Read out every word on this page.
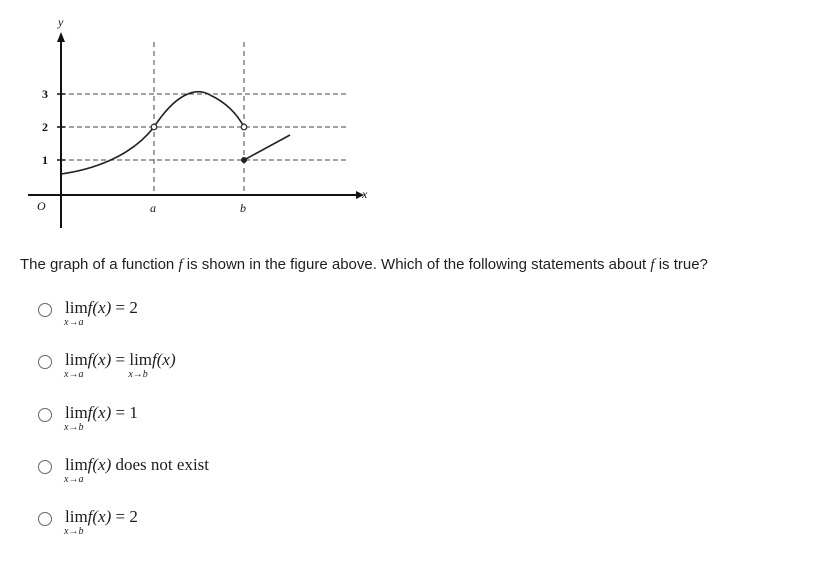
y
x
O	a	b
1
2
3
The graph of a function f is shown in the figure above. Which of the following statements about f is true?
lim
x→a
f(x) = 2
lim
x→a
f(x) = lim
x→b
f(x)
lim
x→b
f(x) = 1
lim
x→a
f(x) does not exist
lim
x→b
f(x) = 2
